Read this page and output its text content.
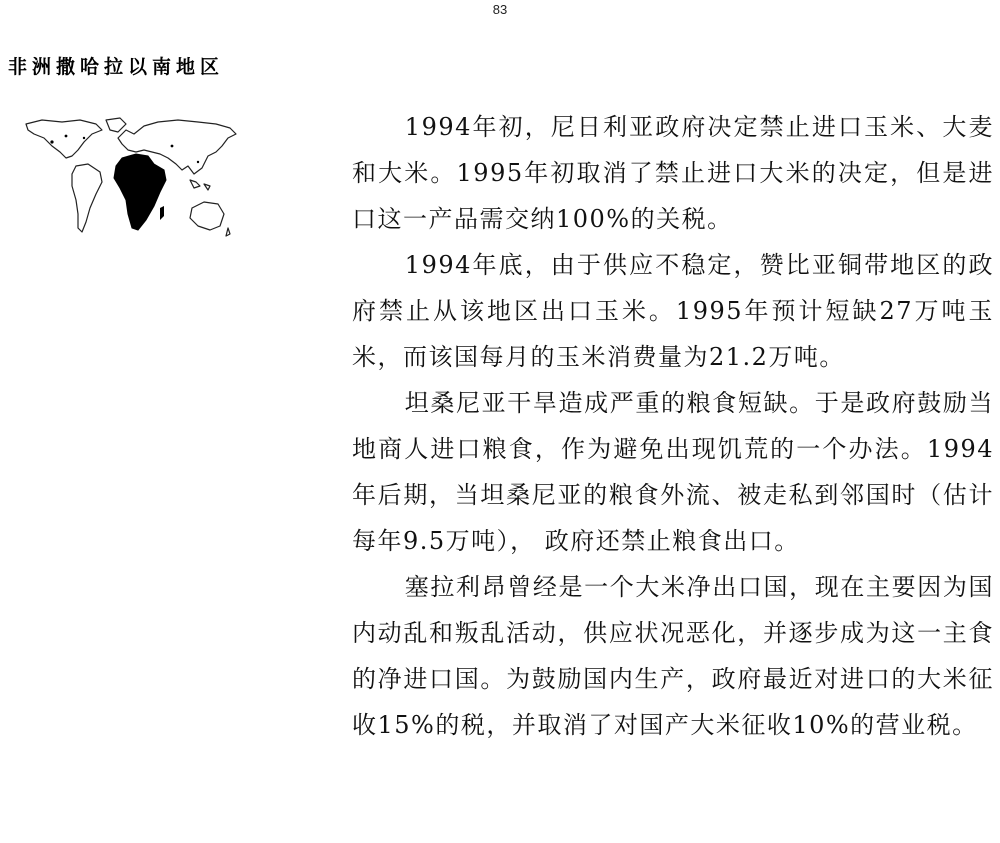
83
非洲撒哈拉以南地区

1994年初，尼日利亚政府决定禁止进口玉米、大麦和大米。1995年初取消了禁止进口大米的决定，但是进口这一产品需交纳100%的关税。

1994年底，由于供应不稳定，赞比亚铜带地区的政府禁止从该地区出口玉米。1995年预计短缺27万吨玉米，而该国每月的玉米消费量为21.2万吨。

坦桑尼亚干旱造成严重的粮食短缺。于是政府鼓励当地商人进口粮食，作为避免出现饥荒的一个办法。1994年后期，当坦桑尼亚的粮食外流、被走私到邻国时（估计每年9.5万吨）， 政府还禁止粮食出口。

塞拉利昂曾经是一个大米净出口国，现在主要因为国内动乱和叛乱活动，供应状况恶化，并逐步成为这一主食的净进口国。为鼓励国内生产，政府最近对进口的大米征收15%的税，并取消了对国产大米征收10%的营业税。
